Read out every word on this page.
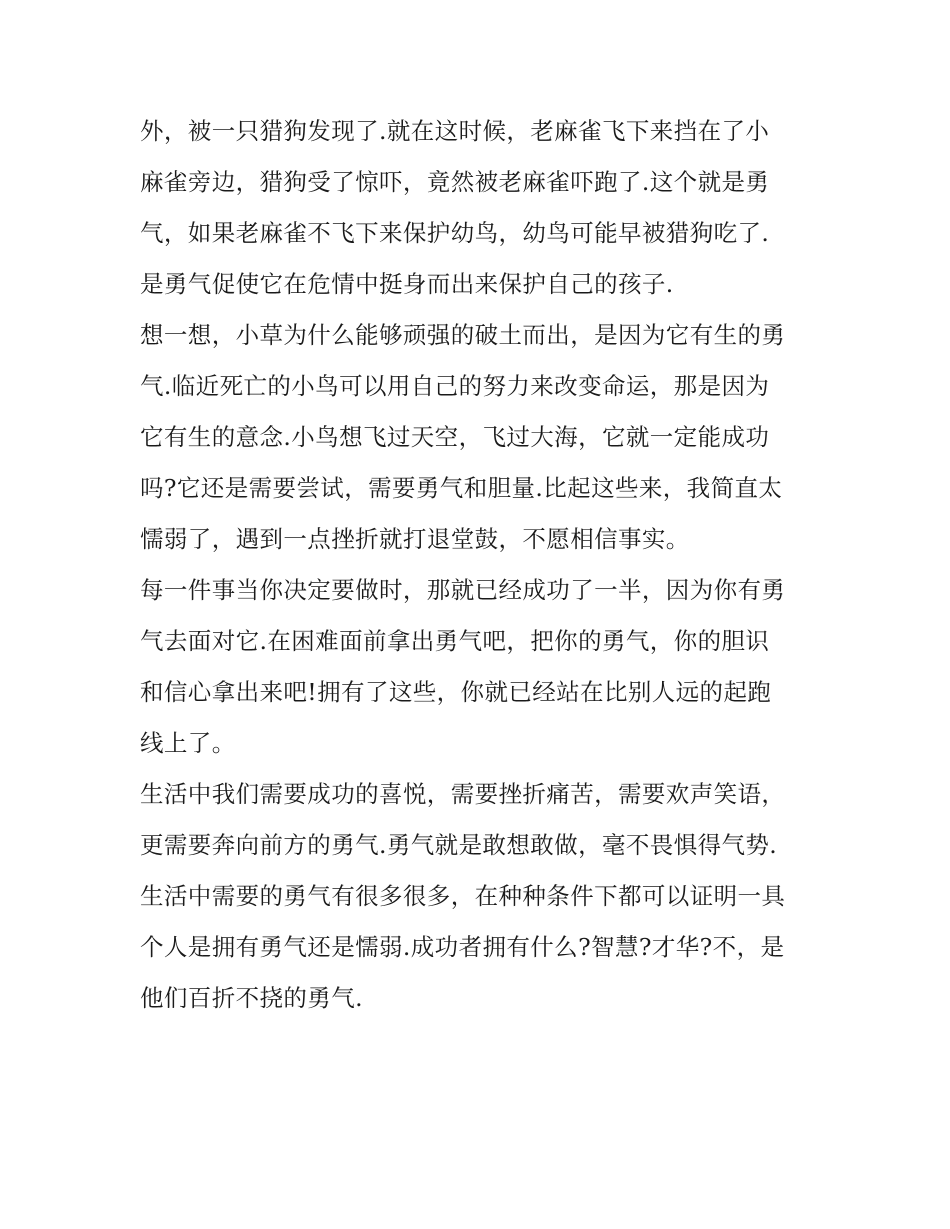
外，被一只猎狗发现了.就在这时候，老麻雀飞下来挡在了小
麻雀旁边，猎狗受了惊吓，竟然被老麻雀吓跑了.这个就是勇
气，如果老麻雀不飞下来保护幼鸟，幼鸟可能早被猎狗吃了.
是勇气促使它在危情中挺身而出来保护自己的孩子.
想一想，小草为什么能够顽强的破土而出，是因为它有生的勇
气.临近死亡的小鸟可以用自己的努力来改变命运，那是因为
它有生的意念.小鸟想飞过天空，飞过大海，它就一定能成功
吗?它还是需要尝试，需要勇气和胆量.比起这些来，我简直太
懦弱了，遇到一点挫折就打退堂鼓，不愿相信事实。
每一件事当你决定要做时，那就已经成功了一半，因为你有勇
气去面对它.在困难面前拿出勇气吧，把你的勇气，你的胆识
和信心拿出来吧!拥有了这些，你就已经站在比别人远的起跑
线上了。
生活中我们需要成功的喜悦，需要挫折痛苦，需要欢声笑语，
更需要奔向前方的勇气.勇气就是敢想敢做，毫不畏惧得气势.
生活中需要的勇气有很多很多，在种种条件下都可以证明一具
个人是拥有勇气还是懦弱.成功者拥有什么?智慧?才华?不，是
他们百折不挠的勇气.
